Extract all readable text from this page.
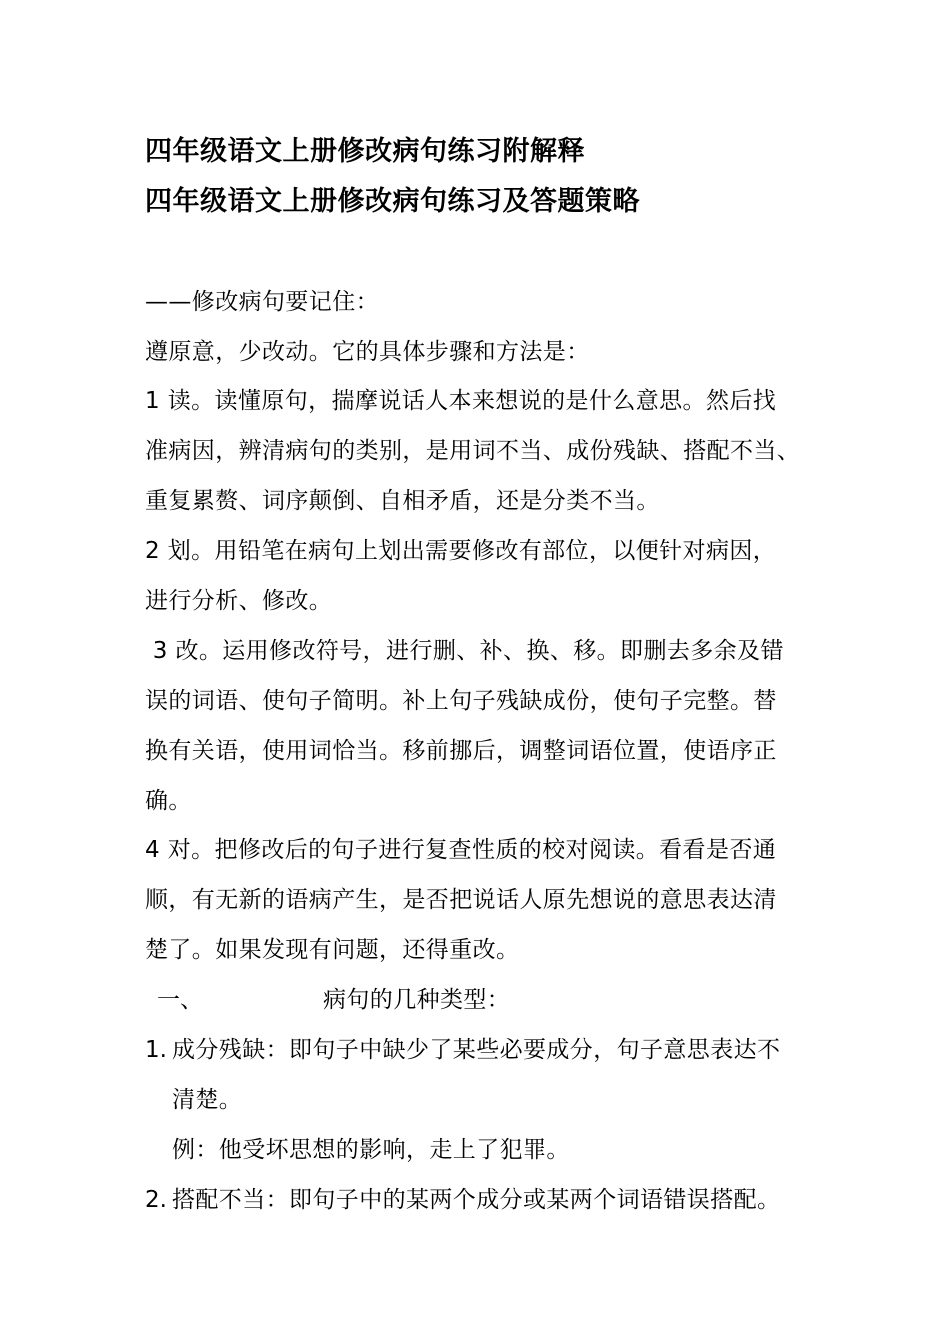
四年级语文上册修改病句练习附解释
四年级语文上册修改病句练习及答题策略
——修改病句要记住：
遵原意，少改动。它的具体步骤和方法是：
1 读。读懂原句，揣摩说话人本来想说的是什么意思。然后找
准病因，辨清病句的类别，是用词不当、成份残缺、搭配不当、
重复累赘、词序颠倒、自相矛盾，还是分类不当。
2 划。用铅笔在病句上划出需要修改有部位，以便针对病因，
进行分析、修改。
3 改。运用修改符号，进行删、补、换、移。即删去多余及错
误的词语、使句子简明。补上句子残缺成份，使句子完整。替
换有关语，使用词恰当。移前挪后，调整词语位置，使语序正
确。
4 对。把修改后的句子进行复查性质的校对阅读。看看是否通
顺，有无新的语病产生，是否把说话人原先想说的意思表达清
楚了。如果发现有问题，还得重改。
一、	病句的几种类型：
1. 成分残缺：即句子中缺少了某些必要成分，句子意思表达不
清楚。
例：他受坏思想的影响，走上了犯罪。
2. 搭配不当：即句子中的某两个成分或某两个词语错误搭配。
